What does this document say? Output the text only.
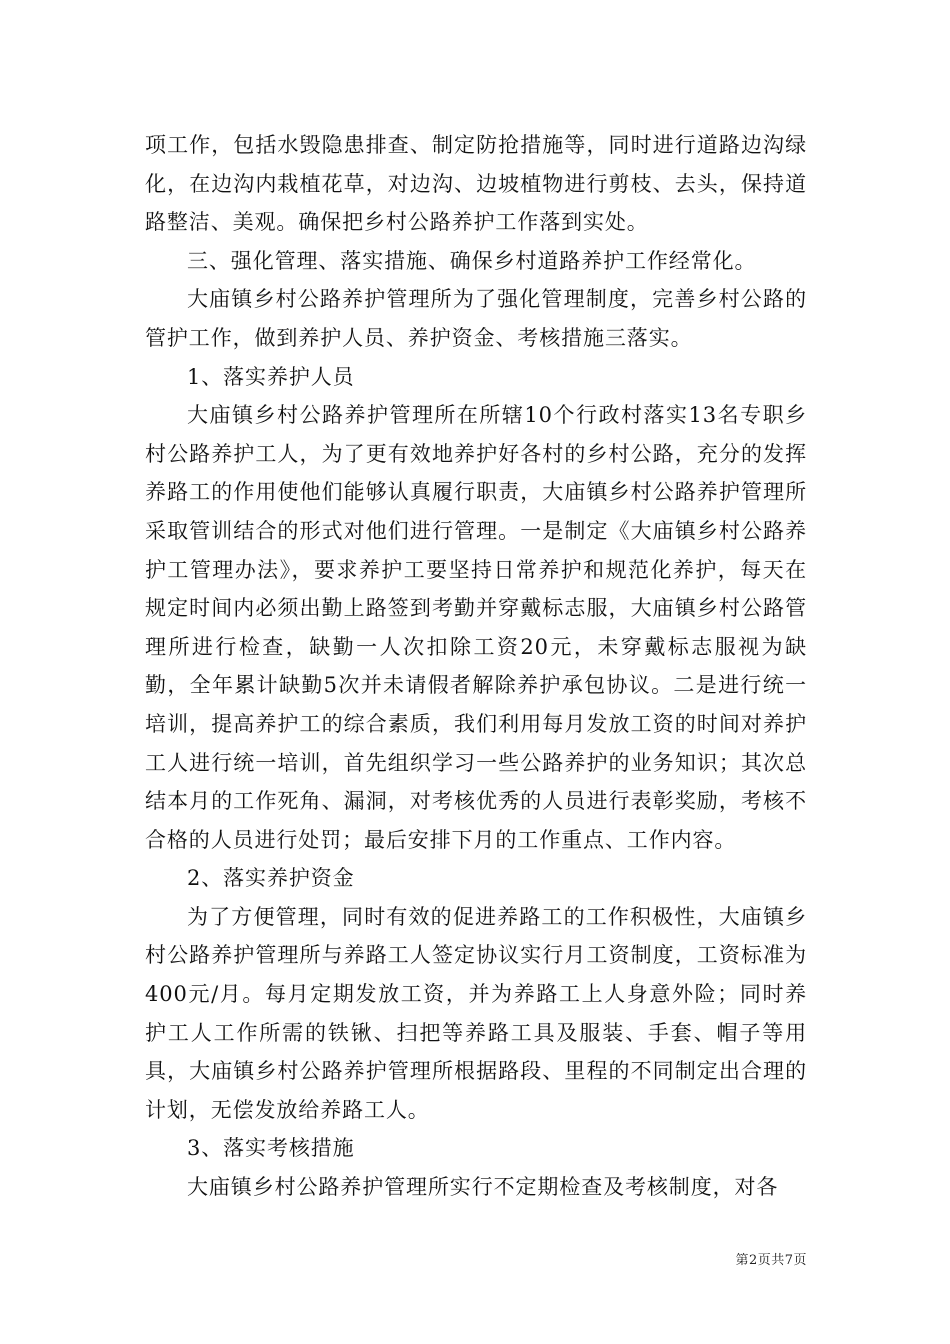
项工作，包括水毁隐患排查、制定防抢措施等，同时进行道路边沟绿化，在边沟内栽植花草，对边沟、边坡植物进行剪枝、去头，保持道路整洁、美观。确保把乡村公路养护工作落到实处。

三、强化管理、落实措施、确保乡村道路养护工作经常化。

大庙镇乡村公路养护管理所为了强化管理制度，完善乡村公路的管护工作，做到养护人员、养护资金、考核措施三落实。

1、落实养护人员

大庙镇乡村公路养护管理所在所辖10个行政村落实13名专职乡村公路养护工人，为了更有效地养护好各村的乡村公路，充分的发挥养路工的作用使他们能够认真履行职责，大庙镇乡村公路养护管理所采取管训结合的形式对他们进行管理。一是制定《大庙镇乡村公路养护工管理办法》，要求养护工要坚持日常养护和规范化养护，每天在规定时间内必须出勤上路签到考勤并穿戴标志服，大庙镇乡村公路管理所进行检查，缺勤一人次扣除工资20元，未穿戴标志服视为缺勤，全年累计缺勤5次并未请假者解除养护承包协议。二是进行统一培训，提高养护工的综合素质，我们利用每月发放工资的时间对养护工人进行统一培训，首先组织学习一些公路养护的业务知识；其次总结本月的工作死角、漏洞，对考核优秀的人员进行表彰奖励，考核不合格的人员进行处罚；最后安排下月的工作重点、工作内容。

2、落实养护资金

为了方便管理，同时有效的促进养路工的工作积极性，大庙镇乡村公路养护管理所与养路工人签定协议实行月工资制度，工资标准为400元/月。每月定期发放工资，并为养路工上人身意外险；同时养护工人工作所需的铁锹、扫把等养路工具及服装、手套、帽子等用具，大庙镇乡村公路养护管理所根据路段、里程的不同制定出合理的计划，无偿发放给养路工人。

3、落实考核措施

大庙镇乡村公路养护管理所实行不定期检查及考核制度，对各

第2页共7页
